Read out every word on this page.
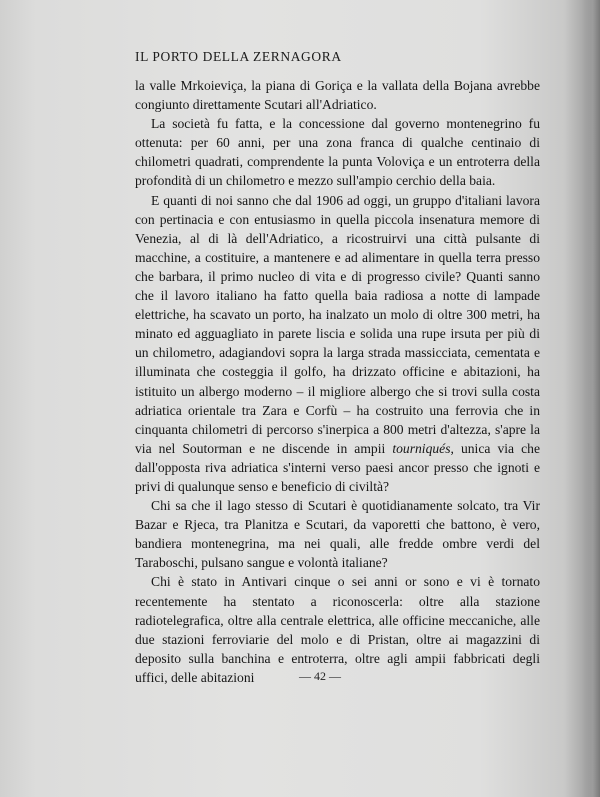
IL PORTO DELLA ZERNAGORA

la valle Mrkoieviça, la piana di Goriça e la vallata della Bojana avrebbe congiunto direttamente Scutari all'Adriatico.

La società fu fatta, e la concessione dal governo montenegrino fu ottenuta: per 60 anni, per una zona franca di qualche centinaio di chilometri quadrati, comprendente la punta Voloviça e un entroterra della profondità di un chilometro e mezzo sull'ampio cerchio della baia.

E quanti di noi sanno che dal 1906 ad oggi, un gruppo d'italiani lavora con pertinacia e con entusiasmo in quella piccola insenatura memore di Venezia, al di là dell'Adriatico, a ricostruirvi una città pulsante di macchine, a costituire, a mantenere e ad alimentare in quella terra presso che barbara, il primo nucleo di vita e di progresso civile? Quanti sanno che il lavoro italiano ha fatto quella baia radiosa a notte di lampade elettriche, ha scavato un porto, ha inalzato un molo di oltre 300 metri, ha minato ed agguagliato in parete liscia e solida una rupe irsuta per più di un chilometro, adagiandovi sopra la larga strada massicciata, cementata e illuminata che costeggia il golfo, ha drizzato officine e abitazioni, ha istituito un albergo moderno – il migliore albergo che si trovi sulla costa adriatica orientale tra Zara e Corfù – ha costruito una ferrovia che in cinquanta chilometri di percorso s'inerpica a 800 metri d'altezza, s'apre la via nel Soutorman e ne discende in ampii tourniqués, unica via che dall'opposta riva adriatica s'interni verso paesi ancor presso che ignoti e privi di qualunque senso e beneficio di civiltà?

Chi sa che il lago stesso di Scutari è quotidianamente solcato, tra Vir Bazar e Rjeca, tra Planitza e Scutari, da vaporetti che battono, è vero, bandiera montenegrina, ma nei quali, alle fredde ombre verdi del Taraboschi, pulsano sangue e volontà italiane?

Chi è stato in Antivari cinque o sei anni or sono e vi è tornato recentemente ha stentato a riconoscerla: oltre alla stazione radiotelegrafica, oltre alla centrale elettrica, alle officine meccaniche, alle due stazioni ferroviarie del molo e di Pristan, oltre ai magazzini di deposito sulla banchina e entroterra, oltre agli ampii fabbricati degli uffici, delle abitazioni	— 42 —
